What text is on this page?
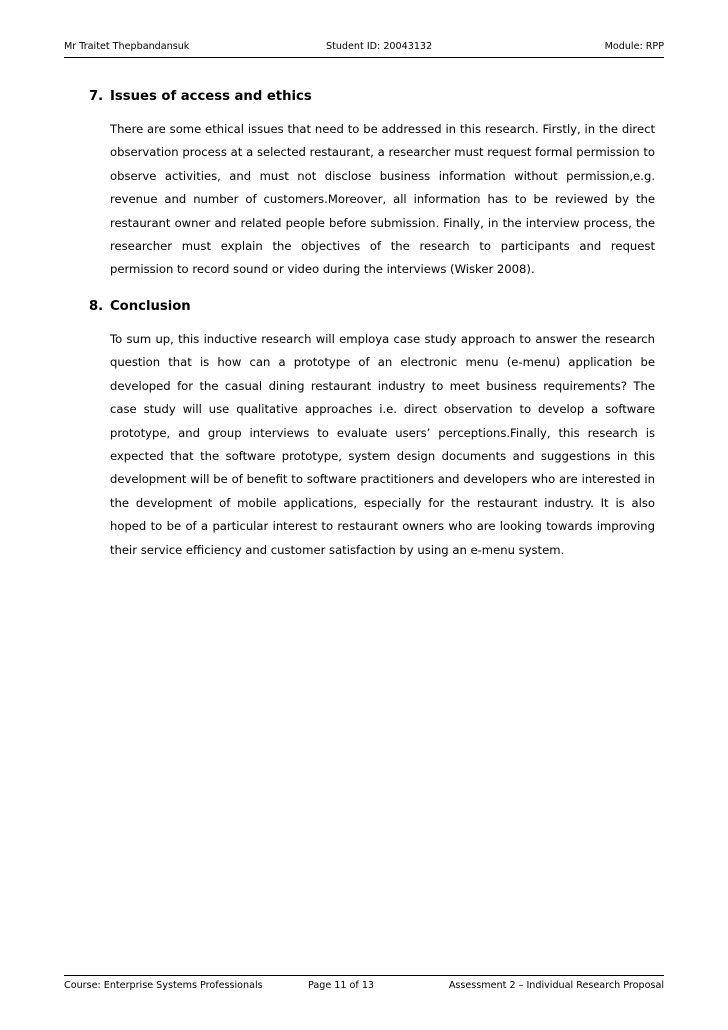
Mr Traitet Thepbandansuk	Student ID: 20043132	Module: RPP
7. Issues of access and ethics

There are some ethical issues that need to be addressed in this research. Firstly, in the direct observation process at a selected restaurant, a researcher must request formal permission to observe activities, and must not disclose business information without permission,e.g. revenue and number of customers.Moreover, all information has to be reviewed by the restaurant owner and related people before submission. Finally, in the interview process, the researcher must explain the objectives of the research to participants and request permission to record sound or video during the interviews (Wisker 2008).

8. Conclusion

To sum up, this inductive research will employa case study approach to answer the research question that is how can a prototype of an electronic menu (e-menu) application be developed for the casual dining restaurant industry to meet business requirements? The case study will use qualitative approaches i.e. direct observation to develop a software prototype, and group interviews to evaluate users’ perceptions.Finally, this research is expected that the software prototype, system design documents and suggestions in this development will be of benefit to software practitioners and developers who are interested in the development of mobile applications, especially for the restaurant industry. It is also hoped to be of a particular interest to restaurant owners who are looking towards improving their service efficiency and customer satisfaction by using an e-menu system.

Course: Enterprise Systems Professionals	Page 11 of 13	Assessment 2 – Individual Research Proposal
